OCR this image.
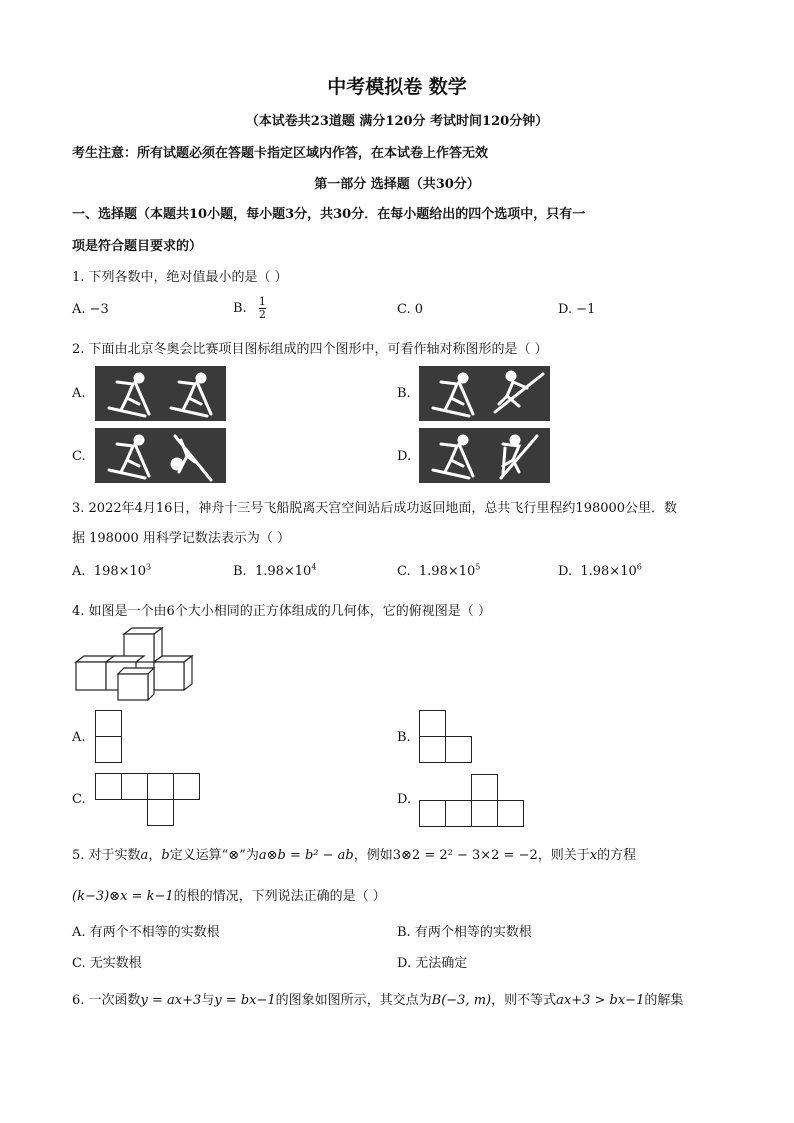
中考模拟卷 数学
（本试卷共23道题 满分120分 考试时间120分钟）
考生注意：所有试题必须在答题卡指定区域内作答，在本试卷上作答无效
第一部分 选择题（共30分）
一、选择题（本题共10小题，每小题3分，共30分．在每小题给出的四个选项中，只有一
项是符合题目要求的）
1. 下列各数中，绝对值最小的是（ ）
A. −3	B. $\frac{1}{2}$	C. 0	D. −1
2. 下面由北京冬奥会比赛项目图标组成的四个图形中，可看作轴对称图形的是（ ）
A.	B.
C.	D.
3. 2022年4月16日，神舟十三号飞船脱离天宫空间站后成功返回地面，总共飞行里程约198000公里．数
据 198000 用科学记数法表示为（ ）
A. $198\times 10^3$	B. $1.98\times 10^4$	C. $1.98\times 10^5$	D. $1.98\times 10^6$
4. 如图是一个由6个大小相同的正方体组成的几何体，它的俯视图是（ ）
A.	B.
C.	D.
5. 对于实数a，b定义运算“⊗”为a⊗b = b² − ab，例如3⊗2 = 2² − 3×2 = −2，则关于x的方程
(k−3)⊗x = k−1的根的情况，下列说法正确的是（ ）
A. 有两个不相等的实数根	B. 有两个相等的实数根
C. 无实数根	D. 无法确定
6. 一次函数y = ax+3与y = bx−1的图象如图所示，其交点为B(−3, m)，则不等式ax+3 > bx−1的解集
